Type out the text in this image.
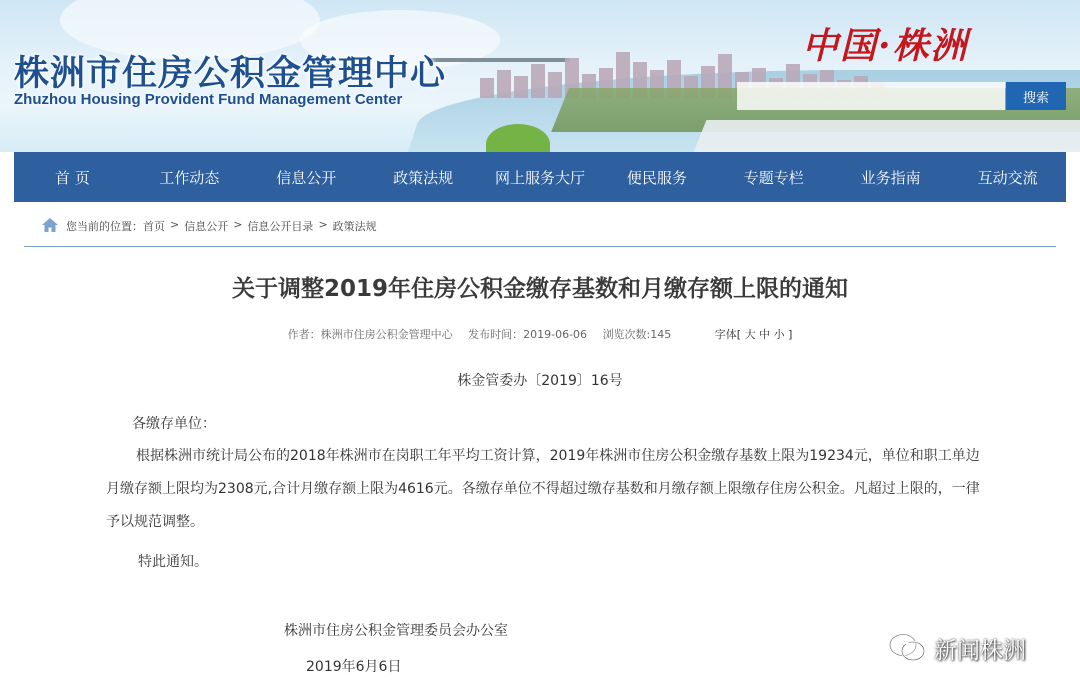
株洲市住房公积金管理中心
Zhuzhou Housing Provident Fund Management Center
中国·株洲
搜索
首 页	工作动态	信息公开	政策法规	网上服务大厅	便民服务	专题专栏	业务指南	互动交流
您当前的位置： 首页 > 信息公开 > 信息公开目录 > 政策法规
关于调整2019年住房公积金缴存基数和月缴存额上限的通知
作者：株洲市住房公积金管理中心 发布时间：2019-06-06 浏览次数:145	字体[ 大 中 小 ]
株金管委办〔2019〕16号
各缴存单位：
根据株洲市统计局公布的2018年株洲市在岗职工年平均工资计算，2019年株洲市住房公积金缴存基数上限为19234元，单位和职工单边月缴存额上限均为2308元,合计月缴存额上限为4616元。各缴存单位不得超过缴存基数和月缴存额上限缴存住房公积金。凡超过上限的，一律予以规范调整。
特此通知。
株洲市住房公积金管理委员会办公室
2019年6月6日
新闻株洲
